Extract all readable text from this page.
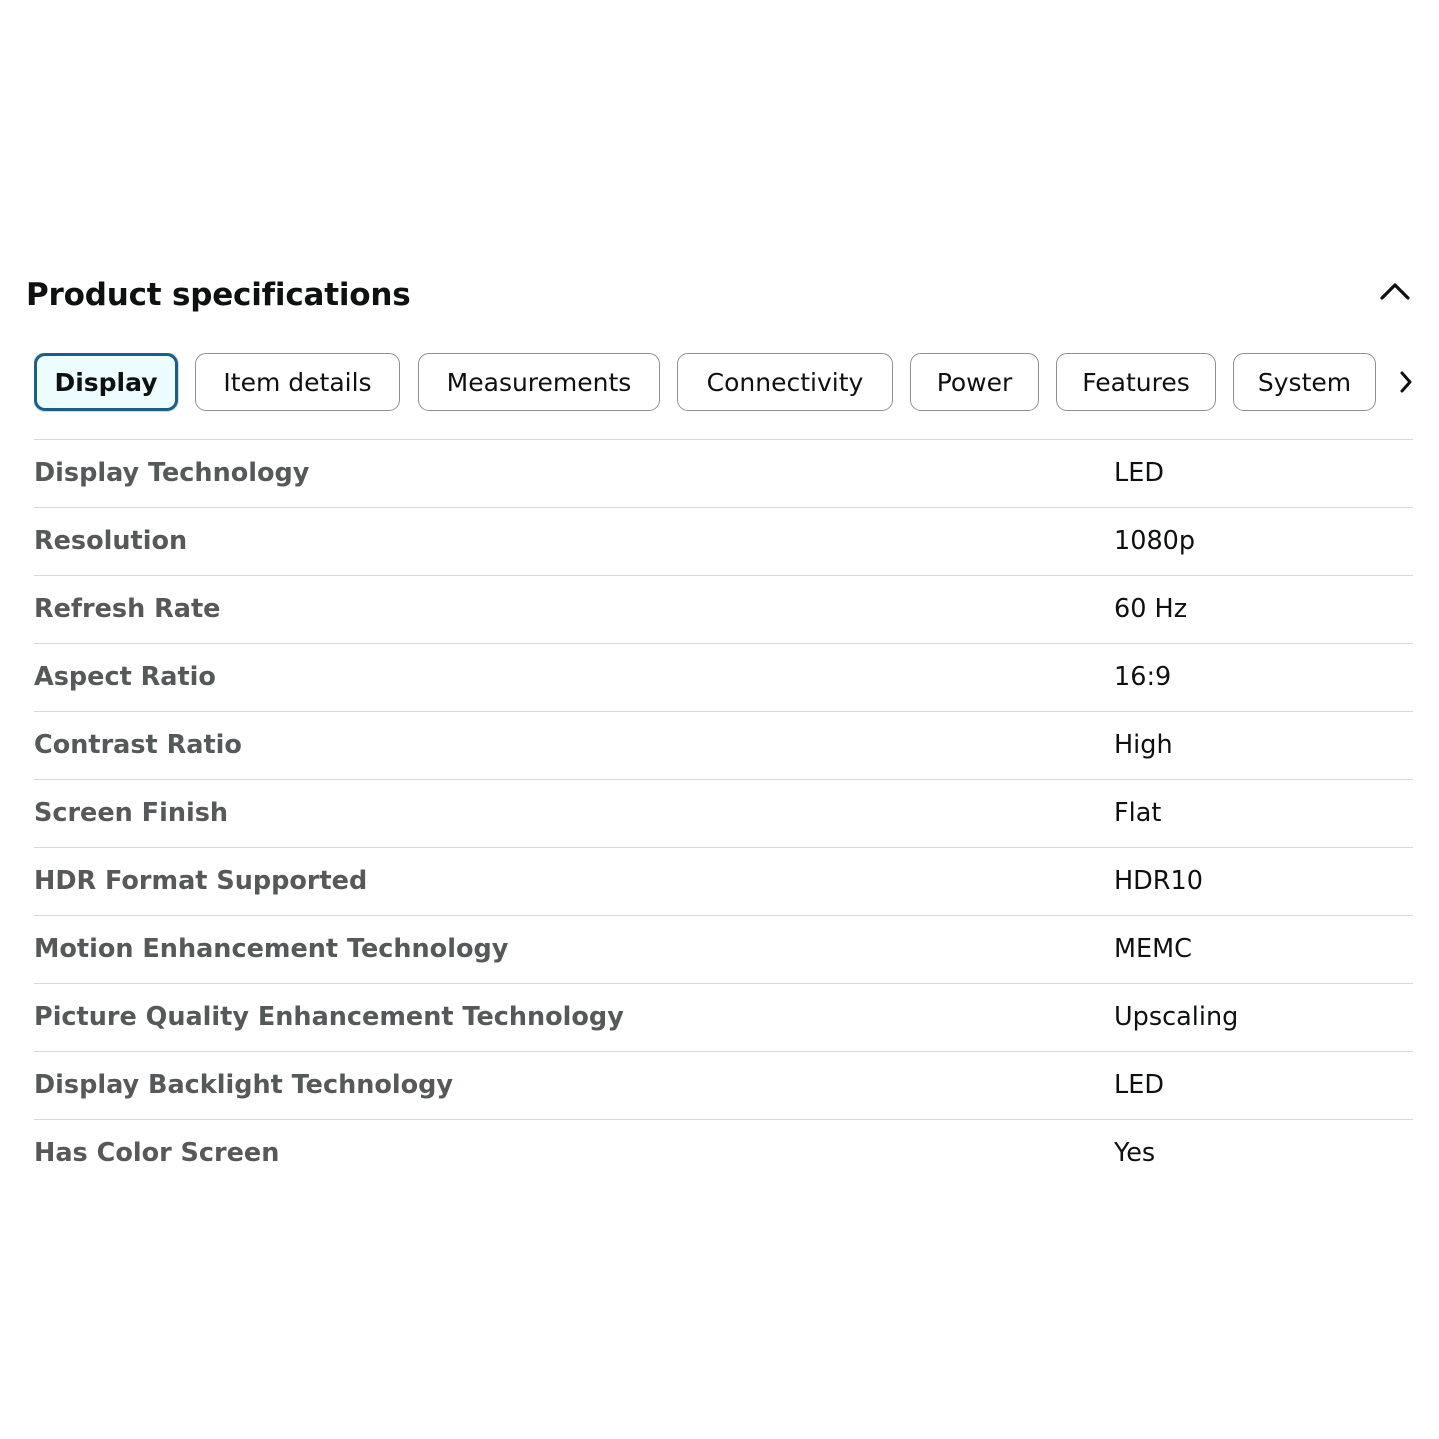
Product specifications
Display	Item details	Measurements	Connectivity	Power	Features	System
Display Technology	LED
Resolution	1080p
Refresh Rate	60 Hz
Aspect Ratio	16:9
Contrast Ratio	High
Screen Finish	Flat
HDR Format Supported	HDR10
Motion Enhancement Technology	MEMC
Picture Quality Enhancement Technology	Upscaling
Display Backlight Technology	LED
Has Color Screen	Yes
